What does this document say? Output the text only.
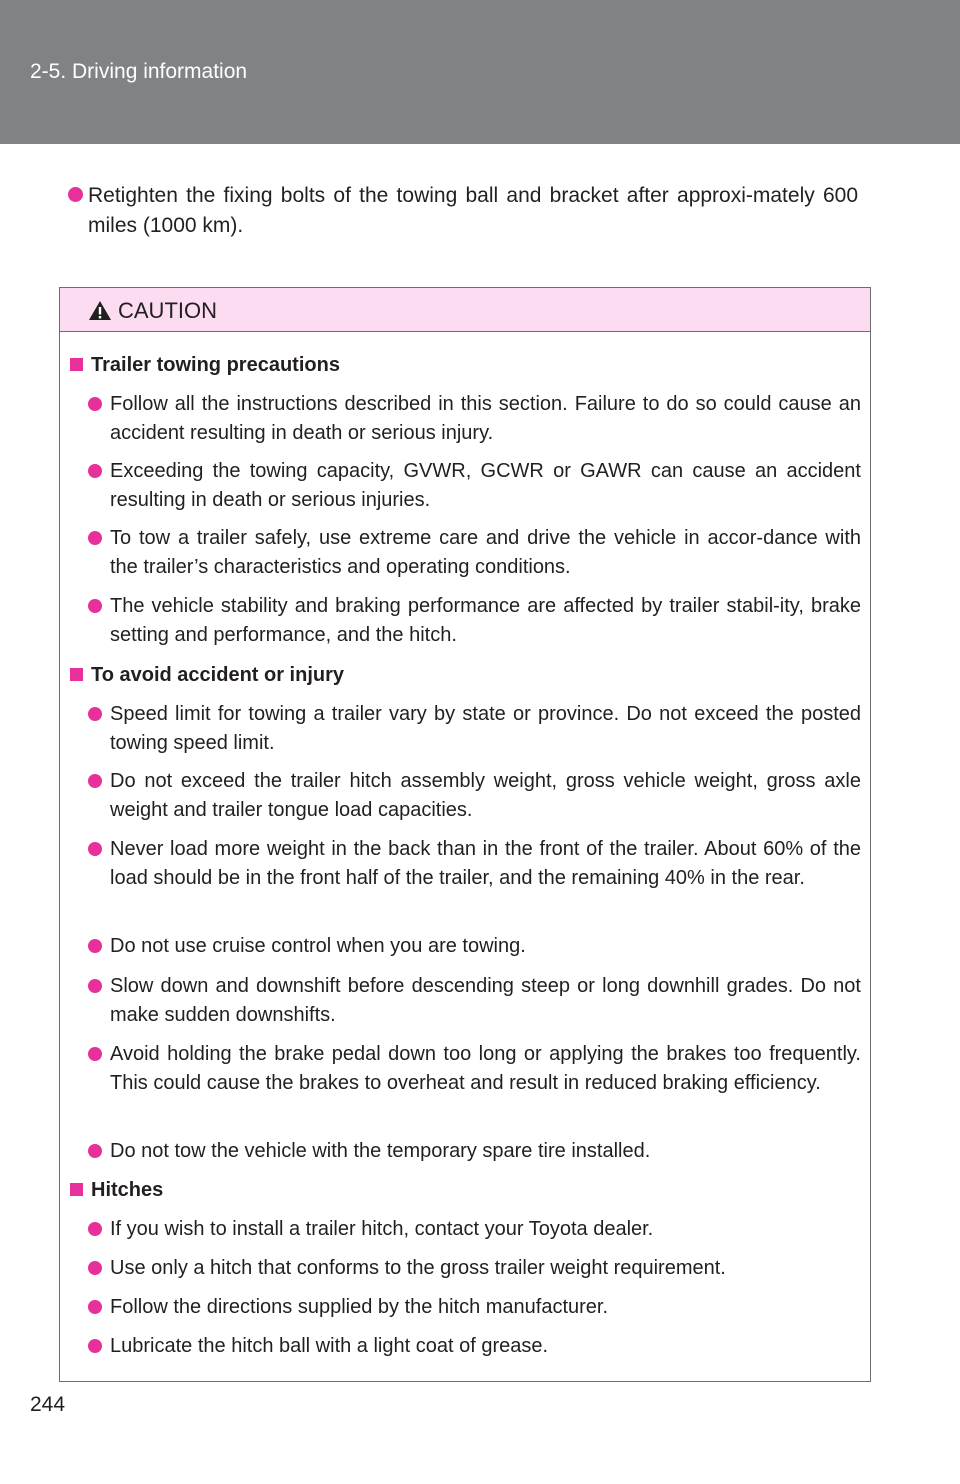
2-5. Driving information
Retighten the fixing bolts of the towing ball and bracket after approxi-mately 600 miles (1000 km).
CAUTION
Trailer towing precautions
Follow all the instructions described in this section. Failure to do so could cause an accident resulting in death or serious injury.
Exceeding the towing capacity, GVWR, GCWR or GAWR can cause an accident resulting in death or serious injuries.
To tow a trailer safely, use extreme care and drive the vehicle in accor-dance with the trailer’s characteristics and operating conditions.
The vehicle stability and braking performance are affected by trailer stabil-ity, brake setting and performance, and the hitch.
To avoid accident or injury
Speed limit for towing a trailer vary by state or province. Do not exceed the posted towing speed limit.
Do not exceed the trailer hitch assembly weight, gross vehicle weight, gross axle weight and trailer tongue load capacities.
Never load more weight in the back than in the front of the trailer. About 60% of the load should be in the front half of the trailer, and the remaining 40% in the rear.
Do not use cruise control when you are towing.
Slow down and downshift before descending steep or long downhill grades. Do not make sudden downshifts.
Avoid holding the brake pedal down too long or applying the brakes too frequently. This could cause the brakes to overheat and result in reduced braking efficiency.
Do not tow the vehicle with the temporary spare tire installed.
Hitches
If you wish to install a trailer hitch, contact your Toyota dealer.
Use only a hitch that conforms to the gross trailer weight requirement.
Follow the directions supplied by the hitch manufacturer.
Lubricate the hitch ball with a light coat of grease.
244
